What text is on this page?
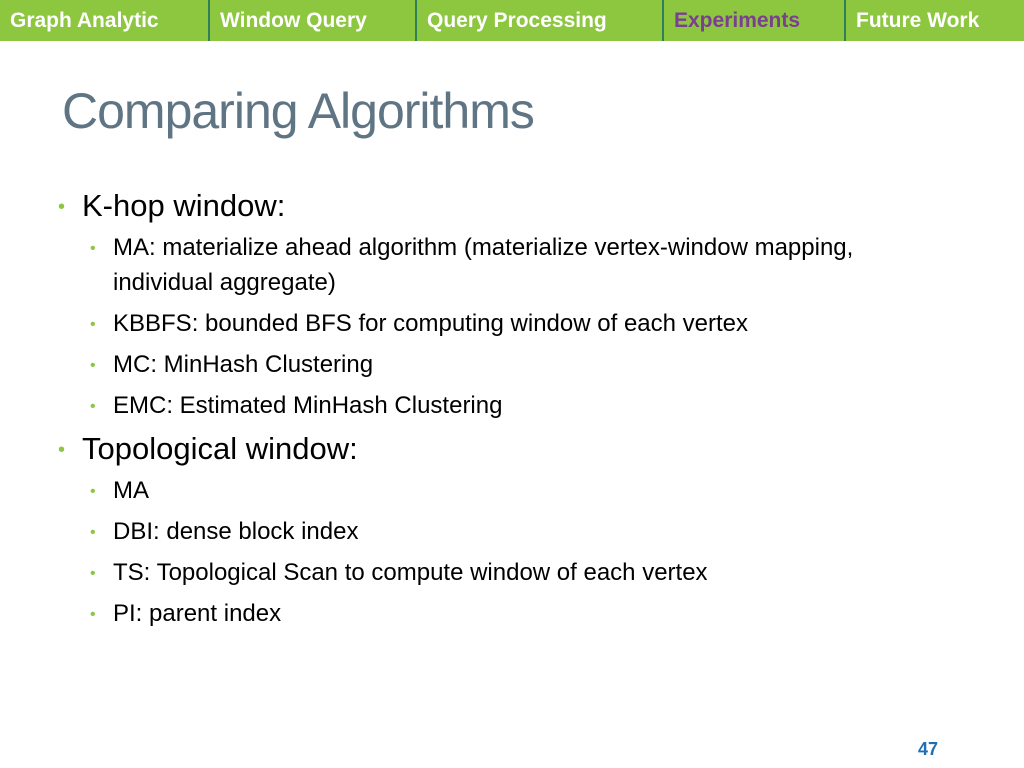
Graph Analytic	Window Query	Query Processing	Experiments	Future Work
Comparing Algorithms
• K-hop window:
• MA: materialize ahead algorithm (materialize vertex-window mapping, individual aggregate)
• KBBFS: bounded BFS for computing window of each vertex
• MC: MinHash Clustering
• EMC: Estimated MinHash Clustering
• Topological window:
• MA
• DBI: dense block index
• TS: Topological Scan to compute window of each vertex
• PI: parent index
47
